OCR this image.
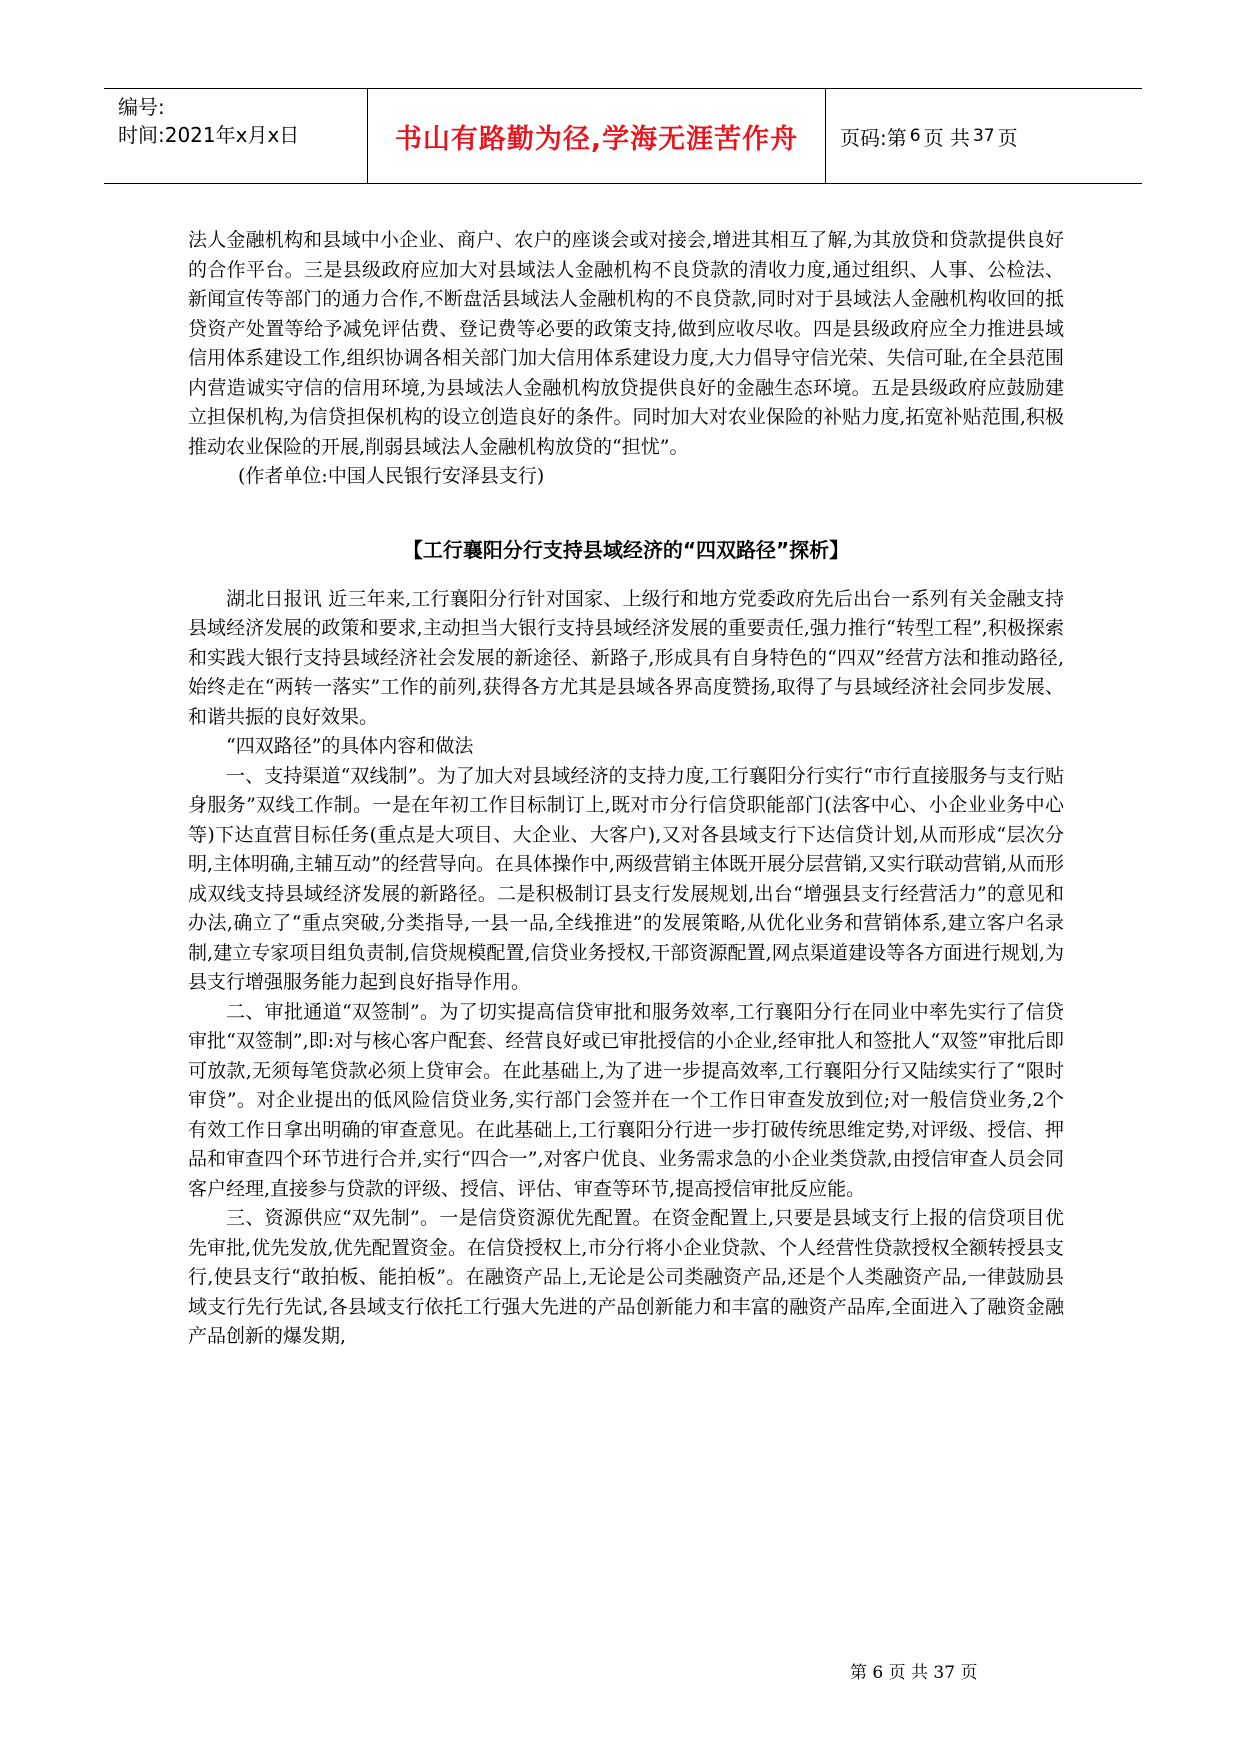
编号:
时间:2021年x月x日	书山有路勤为径,学海无涯苦作舟 页码:第 6 页 共 37 页

法人金融机构和县域中小企业、商户、农户的座谈会或对接会,增进其相互了解,为其放贷和贷款提供良好的合作平台。三是县级政府应加大对县域法人金融机构不良贷款的清收力度,通过组织、人事、公检法、新闻宣传等部门的通力合作,不断盘活县域法人金融机构的不良贷款,同时对于县域法人金融机构收回的抵贷资产处置等给予减免评估费、登记费等必要的政策支持,做到应收尽收。四是县级政府应全力推进县域信用体系建设工作,组织协调各相关部门加大信用体系建设力度,大力倡导守信光荣、失信可耻,在全县范围内营造诚实守信的信用环境,为县域法人金融机构放贷提供良好的金融生态环境。五是县级政府应鼓励建立担保机构,为信贷担保机构的设立创造良好的条件。同时加大对农业保险的补贴力度,拓宽补贴范围,积极推动农业保险的开展,削弱县域法人金融机构放贷的“担忧”。

(作者单位:中国人民银行安泽县支行)

【工行襄阳分行支持县域经济的“四双路径”探析】

湖北日报讯 近三年来,工行襄阳分行针对国家、上级行和地方党委政府先后出台一系列有关金融支持县域经济发展的政策和要求,主动担当大银行支持县域经济发展的重要责任,强力推行“转型工程”,积极探索和实践大银行支持县域经济社会发展的新途径、新路子,形成具有自身特色的“四双”经营方法和推动路径,始终走在“两转一落实”工作的前列,获得各方尤其是县域各界高度赞扬,取得了与县域经济社会同步发展、和谐共振的良好效果。

“四双路径”的具体内容和做法

一、支持渠道“双线制”。为了加大对县域经济的支持力度,工行襄阳分行实行“市行直接服务与支行贴身服务”双线工作制。一是在年初工作目标制订上,既对市分行信贷职能部门(法客中心、小企业业务中心等)下达直营目标任务(重点是大项目、大企业、大客户),又对各县域支行下达信贷计划,从而形成“层次分明,主体明确,主辅互动”的经营导向。在具体操作中,两级营销主体既开展分层营销,又实行联动营销,从而形成双线支持县域经济发展的新路径。二是积极制订县支行发展规划,出台“增强县支行经营活力”的意见和办法,确立了“重点突破,分类指导,一县一品,全线推进”的发展策略,从优化业务和营销体系,建立客户名录制,建立专家项目组负责制,信贷规模配置,信贷业务授权,干部资源配置,网点渠道建设等各方面进行规划,为县支行增强服务能力起到良好指导作用。

二、审批通道“双签制”。为了切实提高信贷审批和服务效率,工行襄阳分行在同业中率先实行了信贷审批“双签制”,即:对与核心客户配套、经营良好或已审批授信的小企业,经审批人和签批人“双签”审批后即可放款,无须每笔贷款必须上贷审会。在此基础上,为了进一步提高效率,工行襄阳分行又陆续实行了“限时审贷”。对企业提出的低风险信贷业务,实行部门会签并在一个工作日审查发放到位;对一般信贷业务,2个有效工作日拿出明确的审查意见。在此基础上,工行襄阳分行进一步打破传统思维定势,对评级、授信、押品和审查四个环节进行合并,实行“四合一”,对客户优良、业务需求急的小企业类贷款,由授信审查人员会同客户经理,直接参与贷款的评级、授信、评估、审查等环节,提高授信审批反应能。

三、资源供应“双先制”。一是信贷资源优先配置。在资金配置上,只要是县域支行上报的信贷项目优先审批,优先发放,优先配置资金。在信贷授权上,市分行将小企业贷款、个人经营性贷款授权全额转授县支行,使县支行“敢拍板、能拍板”。在融资产品上,无论是公司类融资产品,还是个人类融资产品,一律鼓励县域支行先行先试,各县域支行依托工行强大先进的产品创新能力和丰富的融资产品库,全面进入了融资金融产品创新的爆发期,

第 6 页 共 37 页
